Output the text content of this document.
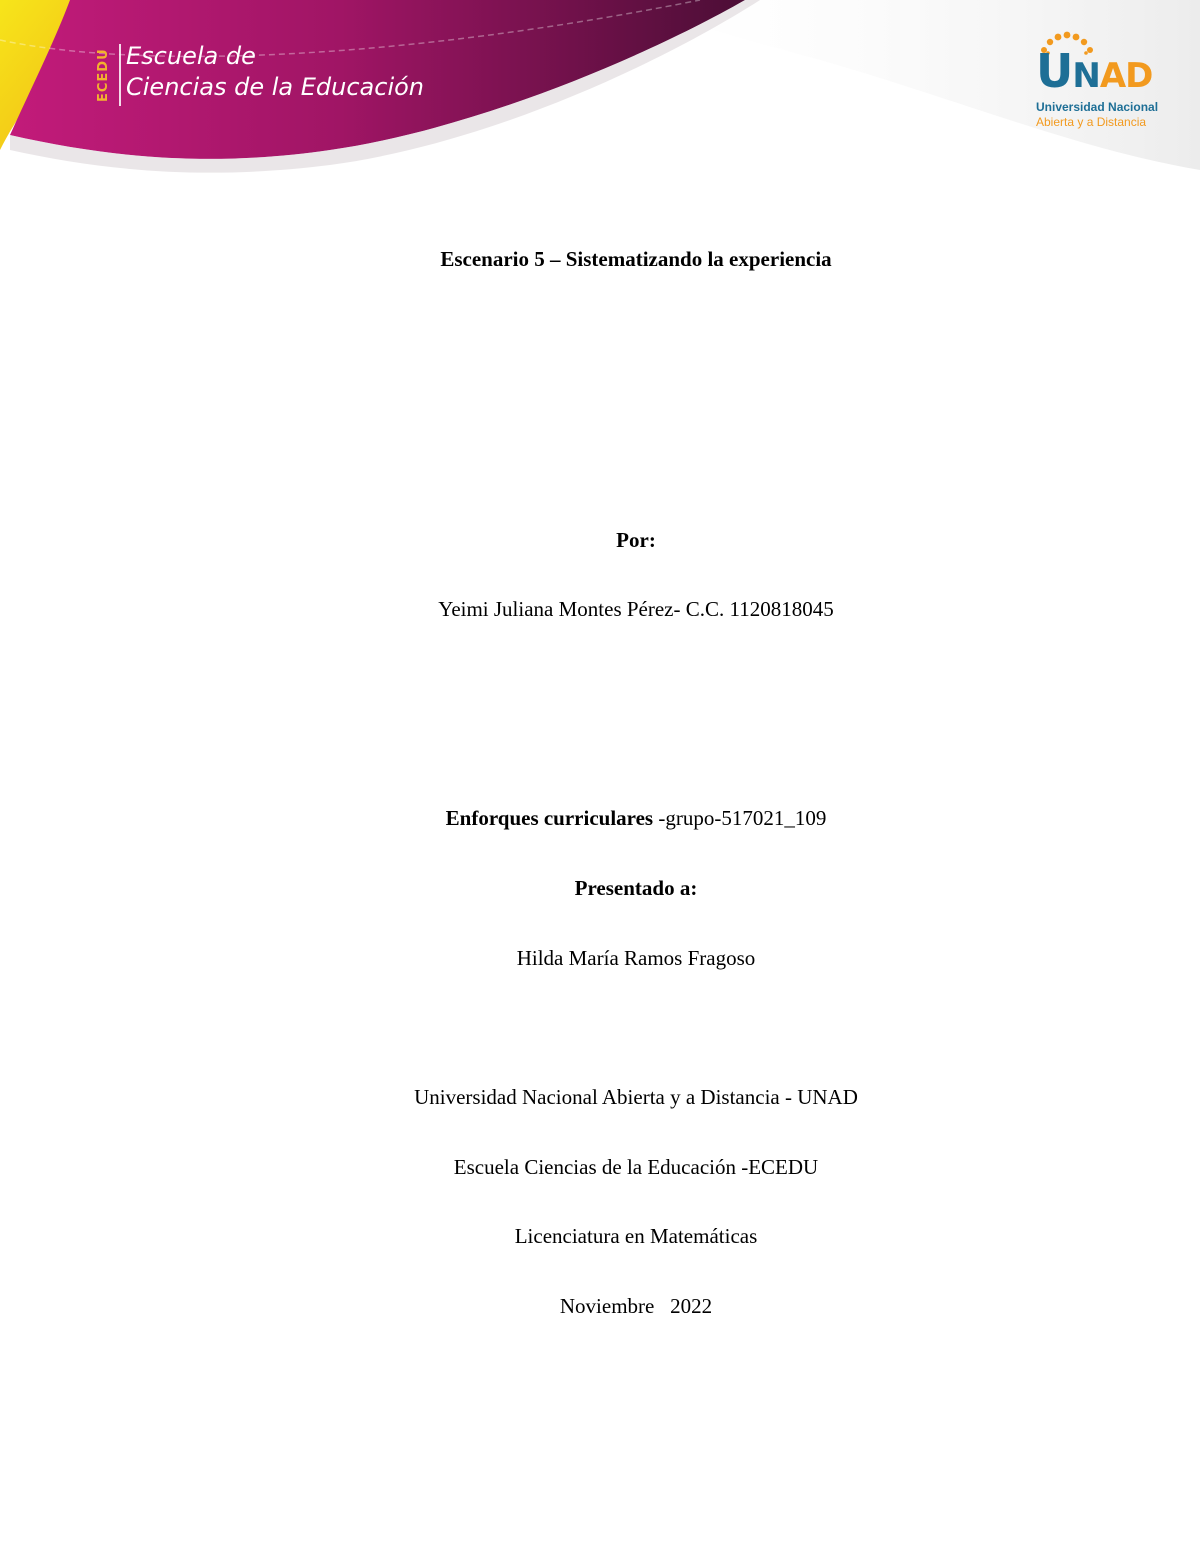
ECEDU Escuela de
Ciencias de la Educación	UNAD
Universidad Nacional
Abierta y a Distancia
Escenario 5 – Sistematizando la experiencia
Por:
Yeimi Juliana Montes Pérez- C.C. 1120818045
Enforques curriculares -grupo-517021_109
Presentado a:
Hilda María Ramos Fragoso
Universidad Nacional Abierta y a Distancia - UNAD
Escuela Ciencias de la Educación -ECEDU
Licenciatura en Matemáticas
Noviembre   2022
